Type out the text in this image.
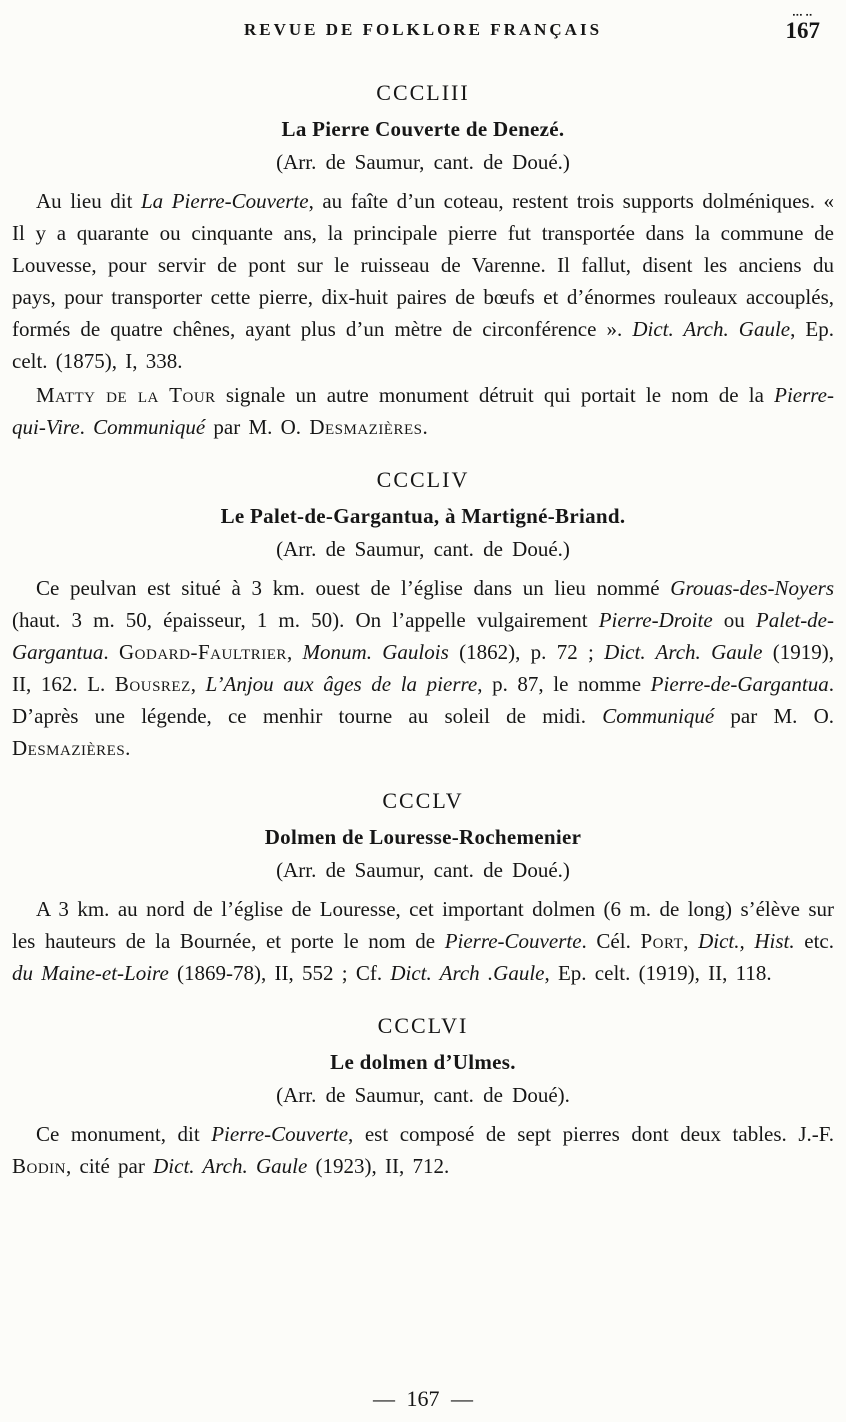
REVUE DE FOLKLORE FRANÇAIS
▪▪▪ ▪▪
167
CCCLIII
La Pierre Couverte de Denezé.
(Arr. de Saumur, cant. de Doué.)

Au lieu dit La Pierre-Couverte, au faîte d’un coteau, restent trois supports dolméniques. « Il y a quarante ou cinquante ans, la principale pierre fut transportée dans la commune de Louvesse, pour servir de pont sur le ruisseau de Varenne. Il fallut, disent les anciens du pays, pour transporter cette pierre, dix-huit paires de bœufs et d’énormes rouleaux accouplés, formés de quatre chênes, ayant plus d’un mètre de circonférence ». Dict. Arch. Gaule, Ep. celt. (1875), I, 338.

Matty de la Tour signale un autre monument détruit qui portait le nom de la Pierre-qui-Vire. Communiqué par M. O. Desmazières.

CCCLIV
Le Palet-de-Gargantua, à Martigné-Briand.
(Arr. de Saumur, cant. de Doué.)

Ce peulvan est situé à 3 km. ouest de l’église dans un lieu nommé Grouas-des-Noyers (haut. 3 m. 50, épaisseur, 1 m. 50). On l’appelle vulgairement Pierre-Droite ou Palet-de-Gargantua. Godard-Faultrier, Monum. Gaulois (1862), p. 72 ; Dict. Arch. Gaule (1919), II, 162. L. Bousrez, L’Anjou aux âges de la pierre, p. 87, le nomme Pierre-de-Gargantua. D’après une légende, ce menhir tourne au soleil de midi. Communiqué par M. O. Desmazières.

CCCLV
Dolmen de Louresse-Rochemenier
(Arr. de Saumur, cant. de Doué.)

A 3 km. au nord de l’église de Louresse, cet important dolmen (6 m. de long) s’élève sur les hauteurs de la Bournée, et porte le nom de Pierre-Couverte. Cél. Port, Dict., Hist. etc. du Maine-et-Loire (1869-78), II, 552 ; Cf. Dict. Arch .Gaule, Ep. celt. (1919), II, 118.

CCCLVI
Le dolmen d’Ulmes.
(Arr. de Saumur, cant. de Doué).

Ce monument, dit Pierre-Couverte, est composé de sept pierres dont deux tables. J.-F. Bodin, cité par Dict. Arch. Gaule (1923), II, 712.

— 167 —
